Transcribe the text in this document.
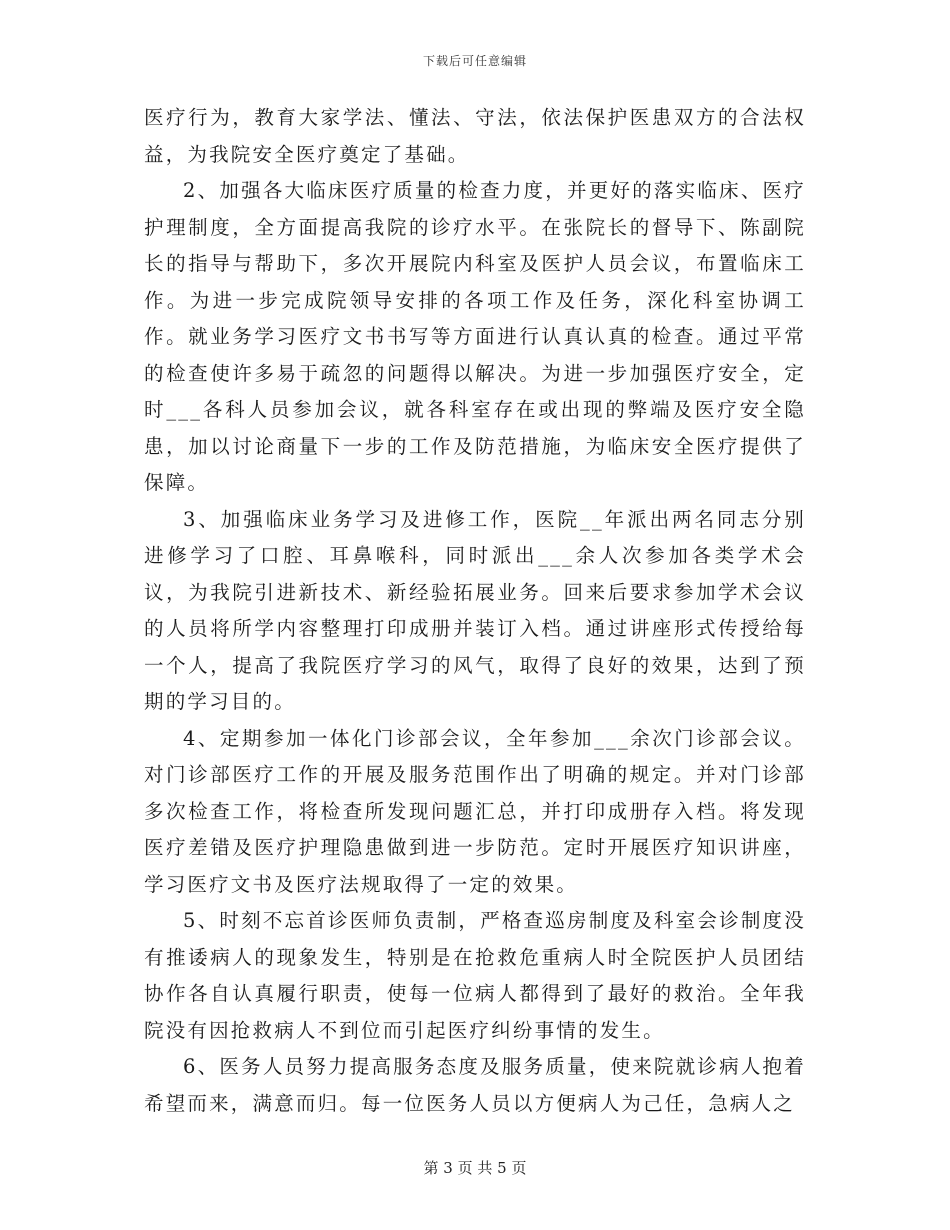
下载后可任意编辑

医疗行为，教育大家学法、懂法、守法，依法保护医患双方的合法权益，为我院安全医疗奠定了基础。

2、加强各大临床医疗质量的检查力度，并更好的落实临床、医疗护理制度，全方面提高我院的诊疗水平。在张院长的督导下、陈副院长的指导与帮助下，多次开展院内科室及医护人员会议，布置临床工作。为进一步完成院领导安排的各项工作及任务，深化科室协调工作。就业务学习医疗文书书写等方面进行认真认真的检查。通过平常的检查使许多易于疏忽的问题得以解决。为进一步加强医疗安全，定时___各科人员参加会议，就各科室存在或出现的弊端及医疗安全隐患，加以讨论商量下一步的工作及防范措施，为临床安全医疗提供了保障。

3、加强临床业务学习及进修工作，医院__年派出两名同志分别进修学习了口腔、耳鼻喉科，同时派出___余人次参加各类学术会议，为我院引进新技术、新经验拓展业务。回来后要求参加学术会议的人员将所学内容整理打印成册并装订入档。通过讲座形式传授给每一个人，提高了我院医疗学习的风气，取得了良好的效果，达到了预期的学习目的。

4、定期参加一体化门诊部会议，全年参加___余次门诊部会议。对门诊部医疗工作的开展及服务范围作出了明确的规定。并对门诊部多次检查工作，将检查所发现问题汇总，并打印成册存入档。将发现医疗差错及医疗护理隐患做到进一步防范。定时开展医疗知识讲座，学习医疗文书及医疗法规取得了一定的效果。

5、时刻不忘首诊医师负责制，严格查巡房制度及科室会诊制度没有推诿病人的现象发生，特别是在抢救危重病人时全院医护人员团结协作各自认真履行职责，使每一位病人都得到了最好的救治。全年我院没有因抢救病人不到位而引起医疗纠纷事情的发生。

6、医务人员努力提高服务态度及服务质量，使来院就诊病人抱着希望而来，满意而归。每一位医务人员以方便病人为己任，急病人之

第 3 页 共 5 页
